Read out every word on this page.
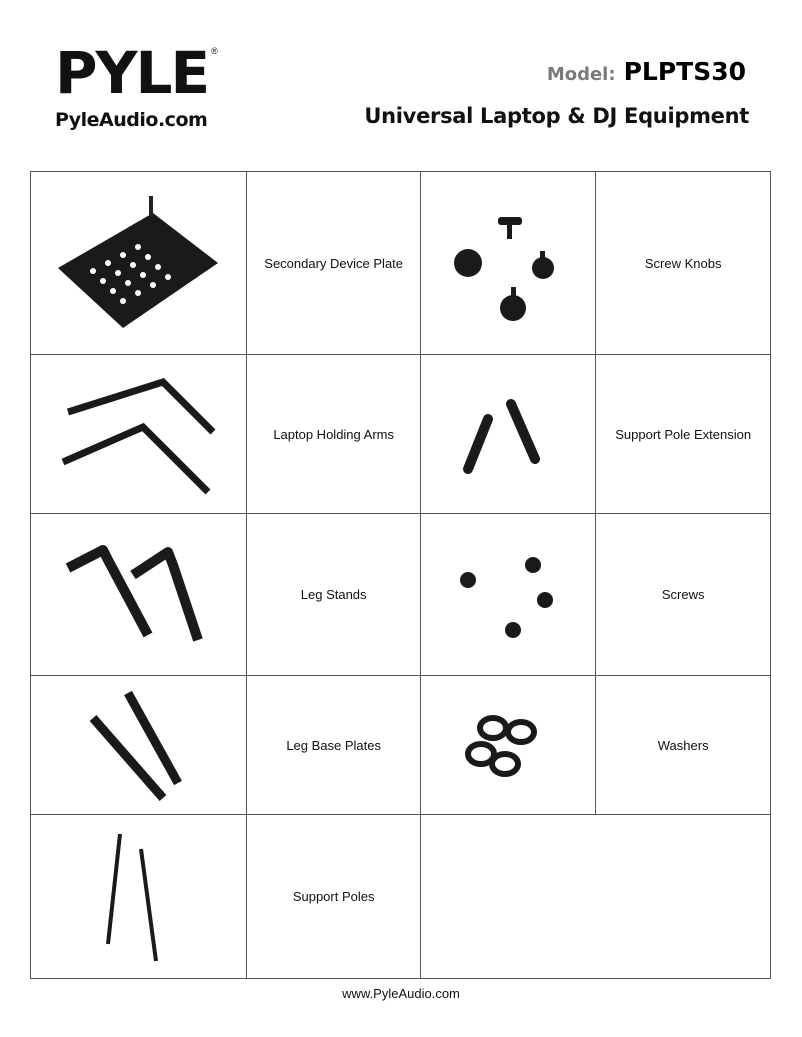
PYLE ®
PyleAudio.com
Model: PLPTS30
Universal Laptop & DJ Equipment
	Secondary Device Plate		Screw Knobs

	Laptop Holding Arms		Support Pole Extension

	Leg Stands		Screws

	Leg Base Plates		Washers

	Support Poles		
www.PyleAudio.com
